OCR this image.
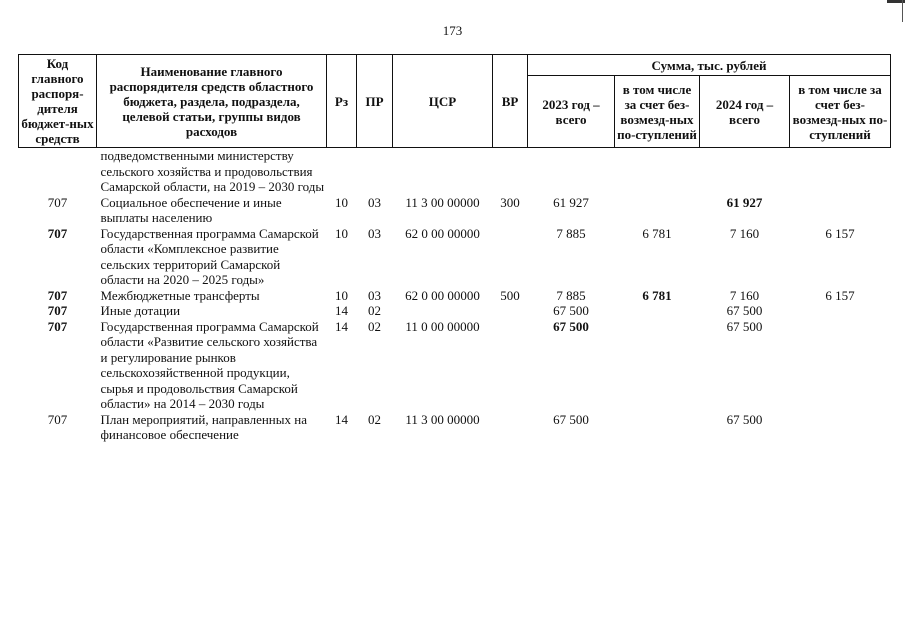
173
Код главного распоря-дителя бюджет-ных средств	Наименование главного распорядителя средств областного бюджета, раздела, подраздела, целевой статьи, группы видов расходов	Рз	ПР	ЦСР	ВР	Сумма, тыс. рублей			
						2023 год – всего	в том числе за счет без-возмезд-ных по-ступлений	2024 год – всего	в том числе за счет без-возмезд-ных по-ступлений
	подведомственными министерству сельского хозяйства и продовольствия Самарской области, на 2019 – 2030 годы								
707	Социальное обеспечение и иные выплаты населению	10	03	11 3 00 00000	300	61 927		61 927	
707	Государственная программа Самарской области «Комплексное развитие сельских территорий Самарской области на 2020 – 2025 годы»	10	03	62 0 00 00000		7 885	6 781	7 160	6 157
707	Межбюджетные трансферты	10	03	62 0 00 00000	500	7 885	6 781	7 160	6 157
707	Иные дотации	14	02			67 500		67 500	
707	Государственная программа Самарской области «Развитие сельского хозяйства и регулирование рынков сельскохозяйственной продукции, сырья и продовольствия Самарской области» на 2014 – 2030 годы	14	02	11 0 00 00000		67 500		67 500	
707	План мероприятий, направленных на финансовое обеспечение	14	02	11 3 00 00000		67 500		67 500	
